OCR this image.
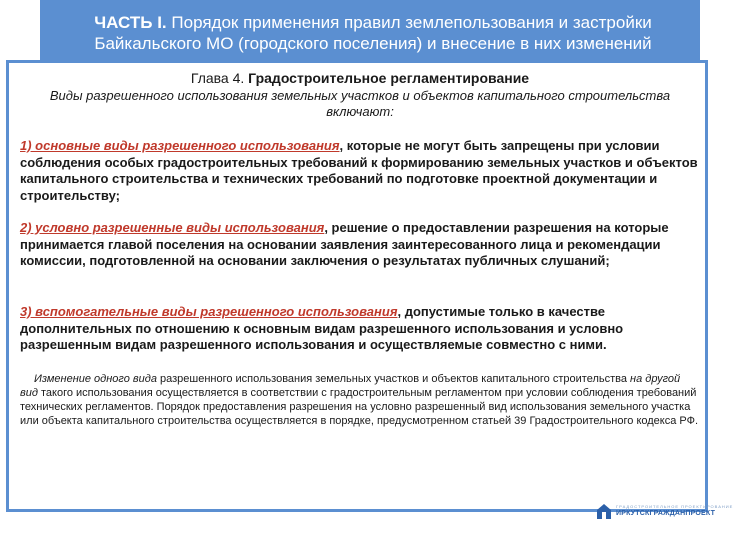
ЧАСТЬ I. Порядок применения правил землепользования и застройки
Байкальского МО (городского поселения) и внесение в них изменений
Глава 4. Градостроительное регламентирование
Виды разрешенного использования земельных участков и объектов капитального строительства включают:
1) основные виды разрешенного использования, которые не могут быть запрещены при условии соблюдения особых градостроительных требований к формированию земельных участков и объектов капитального строительства и технических требований по подготовке проектной документации и строительству;
2) условно разрешенные виды использования, решение о предоставлении разрешения на которые принимается главой поселения на основании заявления заинтересованного лица и рекомендации комиссии, подготовленной на основании заключения о результатах публичных слушаний;
3) вспомогательные виды разрешенного использования, допустимые только в качестве дополнительных по отношению к основным видам разрешенного использования и условно разрешенным видам разрешенного использования и осуществляемые совместно с ними.
Изменение одного вида разрешенного использования земельных участков и объектов капитального строительства на другой вид такого использования осуществляется в соответствии с градостроительным регламентом при условии соблюдения требований технических регламентов. Порядок предоставления разрешения на условно разрешенный вид использования земельного участка или объекта капитального строительства осуществляется в порядке, предусмотренном статьей 39 Градостроительного кодекса РФ.
ГРАДОСТРОИТЕЛЬНОЕ ПРОЕКТИРОВАНИЕ
ИРКУТСКГРАЖДАНПРОЕКТ
